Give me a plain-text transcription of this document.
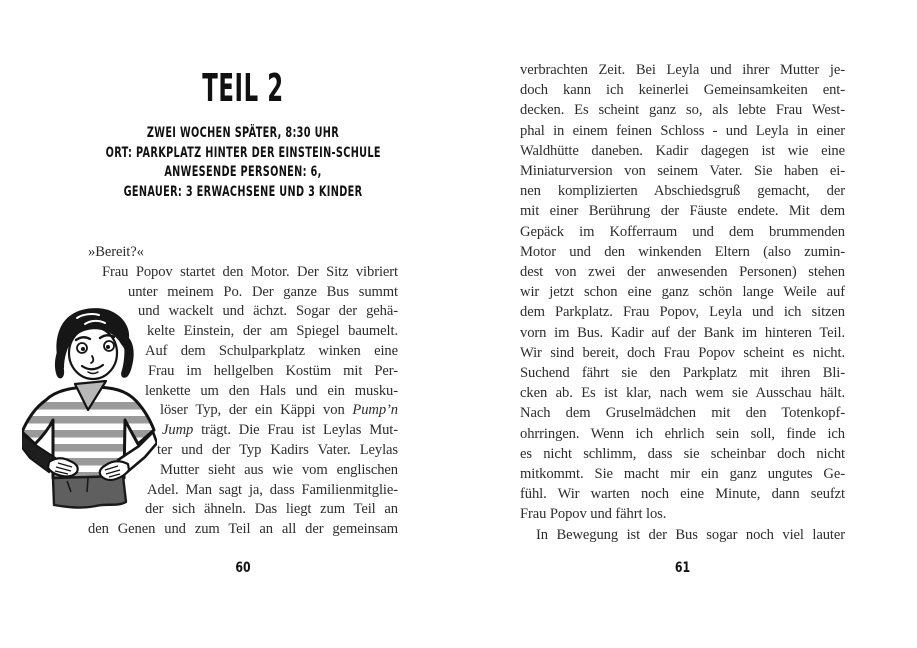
TEIL 2
ZWEI WOCHEN SPÄTER, 8:30 UHR
ORT: PARKPLATZ HINTER DER EINSTEIN-SCHULE
ANWESENDE PERSONEN: 6,
GENAUER: 3 ERWACHSENE UND 3 KINDER
»Bereit?«
Frau Popov startet den Motor. Der Sitz vibriert
unter meinem Po. Der ganze Bus summt
und wackelt und ächzt. Sogar der gehä-
kelte Einstein, der am Spiegel baumelt.
Auf dem Schulparkplatz winken eine
Frau im hellgelben Kostüm mit Per-
lenkette um den Hals und ein musku-
löser Typ, der ein Käppi von Pump’n
Jump trägt. Die Frau ist Leylas Mut-
ter und der Typ Kadirs Vater. Leylas
Mutter sieht aus wie vom englischen
Adel. Man sagt ja, dass Familienmitglie-
der sich ähneln. Das liegt zum Teil an
den Genen und zum Teil an all der gemeinsam
60
verbrachten Zeit. Bei Leyla und ihrer Mutter je-
doch kann ich keinerlei Gemeinsamkeiten ent-
decken. Es scheint ganz so, als lebte Frau West-
phal in einem feinen Schloss - und Leyla in einer
Waldhütte daneben. Kadir dagegen ist wie eine
Miniaturversion von seinem Vater. Sie haben ei-
nen komplizierten Abschiedsgruß gemacht, der
mit einer Berührung der Fäuste endete. Mit dem
Gepäck im Kofferraum und dem brummenden
Motor und den winkenden Eltern (also zumin-
dest von zwei der anwesenden Personen) stehen
wir jetzt schon eine ganz schön lange Weile auf
dem Parkplatz. Frau Popov, Leyla und ich sitzen
vorn im Bus. Kadir auf der Bank im hinteren Teil.
Wir sind bereit, doch Frau Popov scheint es nicht.
Suchend fährt sie den Parkplatz mit ihren Bli-
cken ab. Es ist klar, nach wem sie Ausschau hält.
Nach dem Gruselmädchen mit den Totenkopf-
ohrringen. Wenn ich ehrlich sein soll, finde ich
es nicht schlimm, dass sie scheinbar doch nicht
mitkommt. Sie macht mir ein ganz ungutes Ge-
fühl. Wir warten noch eine Minute, dann seufzt
Frau Popov und fährt los.
In Bewegung ist der Bus sogar noch viel lauter
61
